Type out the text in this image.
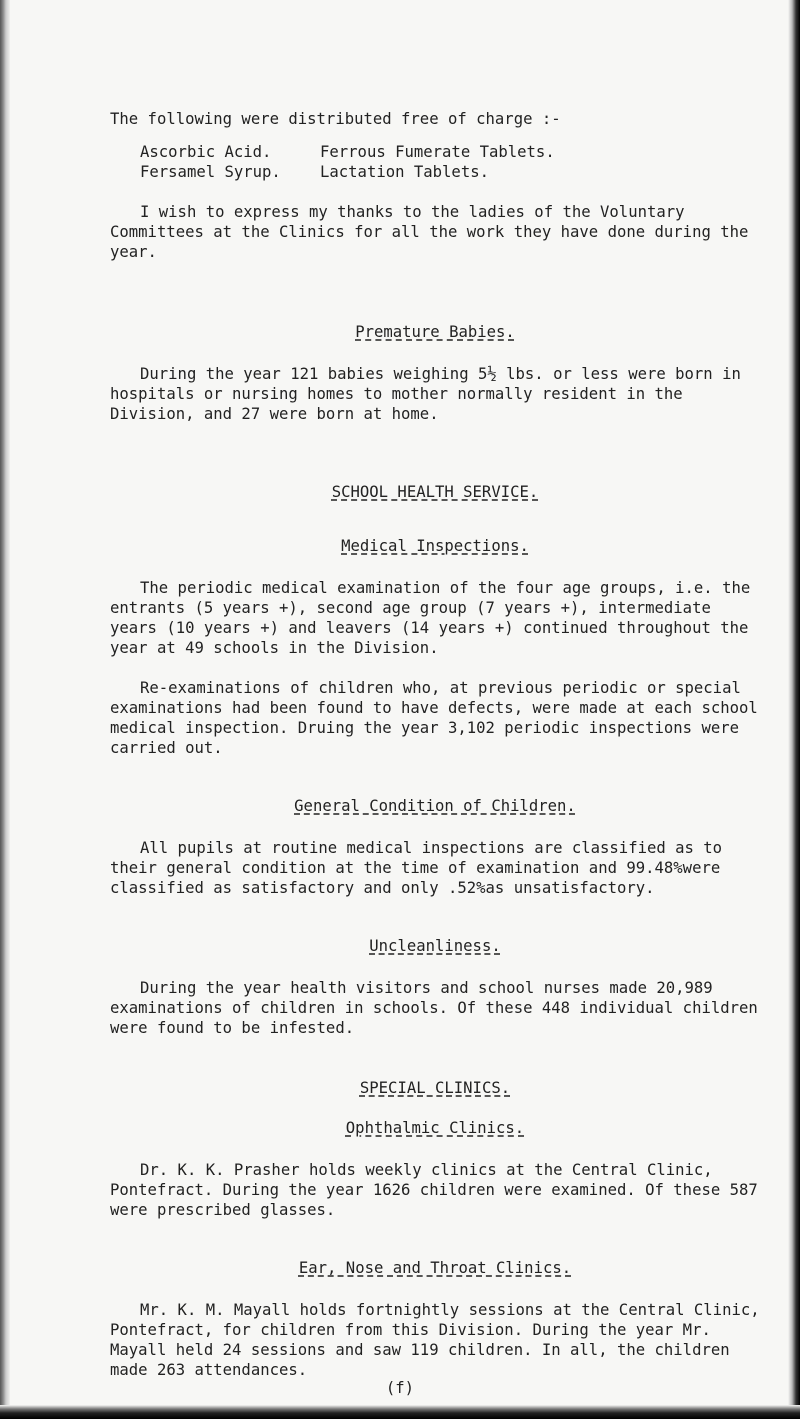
The following were distributed free of charge :-

Ascorbic Acid.	Ferrous Fumerate Tablets.
Fersamel Syrup.	Lactation Tablets.

I wish to express my thanks to the ladies of the Voluntary Committees at the Clinics for all the work they have done during the year.

Premature Babies.

During the year 121 babies weighing 5½ lbs. or less were born in hospitals or nursing homes to mother normally resident in the Division, and 27 were born at home.

SCHOOL HEALTH SERVICE.
Medical Inspections.

The periodic medical examination of the four age groups, i.e. the entrants (5 years +), second age group (7 years +), intermediate years (10 years +) and leavers (14 years +) continued throughout the year at 49 schools in the Division.

Re-examinations of children who, at previous periodic or special examinations had been found to have defects, were made at each school medical inspection. Druing the year 3,102 periodic inspections were carried out.

General Condition of Children.

All pupils at routine medical inspections are classified as to their general condition at the time of examination and 99.48%were classified as satisfactory and only .52%as unsatisfactory.

Uncleanliness.

During the year health visitors and school nurses made 20,989 examinations of children in schools. Of these 448 individual children were found to be infested.

SPECIAL CLINICS.
Ophthalmic Clinics.

Dr. K. K. Prasher holds weekly clinics at the Central Clinic, Pontefract. During the year 1626 children were examined. Of these 587 were prescribed glasses.

Ear, Nose and Throat Clinics.

Mr. K. M. Mayall holds fortnightly sessions at the Central Clinic, Pontefract, for children from this Division. During the year Mr. Mayall held 24 sessions and saw 119 children. In all, the children made 263 attendances.

(f)
